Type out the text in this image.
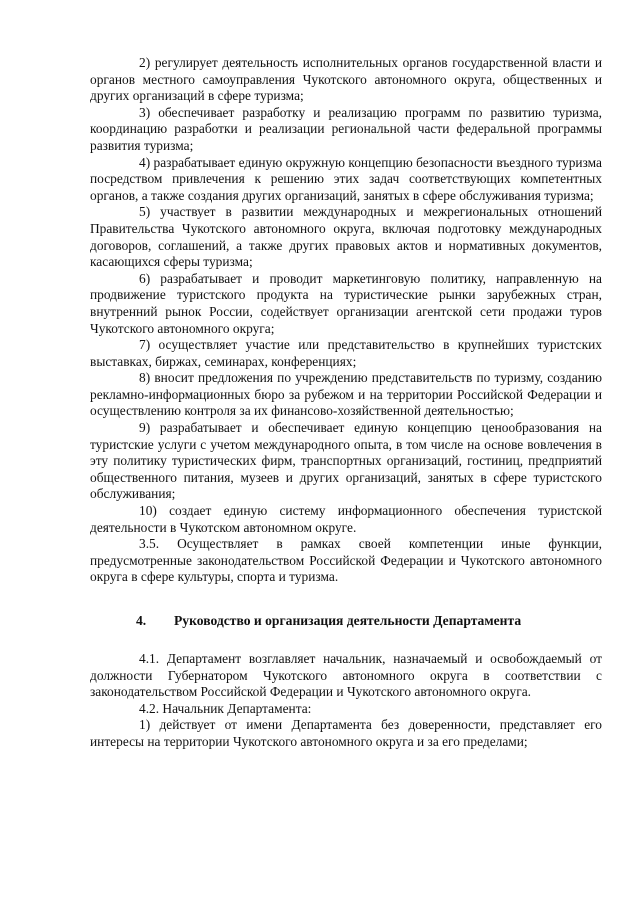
2) регулирует деятельность исполнительных органов государственной власти и органов местного самоуправления Чукотского автономного округа, общественных и других организаций в сфере туризма;

3) обеспечивает разработку и реализацию программ по развитию туризма, координацию разработки и реализации региональной части федеральной программы развития туризма;

4) разрабатывает единую окружную концепцию безопасности въездного туризма посредством привлечения к решению этих задач соответствующих компетентных органов, а также создания других организаций, занятых в сфере обслуживания туризма;

5) участвует в развитии международных и межрегиональных отношений Правительства Чукотского автономного округа, включая подготовку международных договоров, соглашений, а также других правовых актов и нормативных документов, касающихся сферы туризма;

6) разрабатывает и проводит маркетинговую политику, направленную на продвижение туристского продукта на туристические рынки зарубежных стран, внутренний рынок России, содействует организации агентской сети продажи туров Чукотского автономного округа;

7) осуществляет участие или представительство в крупнейших туристских выставках, биржах, семинарах, конференциях;

8) вносит предложения по учреждению представительств по туризму, созданию рекламно-информационных бюро за рубежом и на территории Российской Федерации и осуществлению контроля за их финансово-хозяйственной деятельностью;

9) разрабатывает и обеспечивает единую концепцию ценообразования на туристские услуги с учетом международного опыта, в том числе на основе вовлечения в эту политику туристических фирм, транспортных организаций, гостиниц, предприятий общественного питания, музеев и других организаций, занятых в сфере туристского обслуживания;

10) создает единую систему информационного обеспечения туристской деятельности в Чукотском автономном округе.

3.5. Осуществляет в рамках своей компетенции иные функции, предусмотренные законодательством Российской Федерации и Чукотского автономного округа в сфере культуры, спорта и туризма.

4. Руководство и организация деятельности Департамента

4.1. Департамент возглавляет начальник, назначаемый и освобождаемый от должности Губернатором Чукотского автономного округа в соответствии с законодательством Российской Федерации и Чукотского автономного округа.

4.2. Начальник Департамента:

1) действует от имени Департамента без доверенности, представляет его интересы на территории Чукотского автономного округа и за его пределами;
